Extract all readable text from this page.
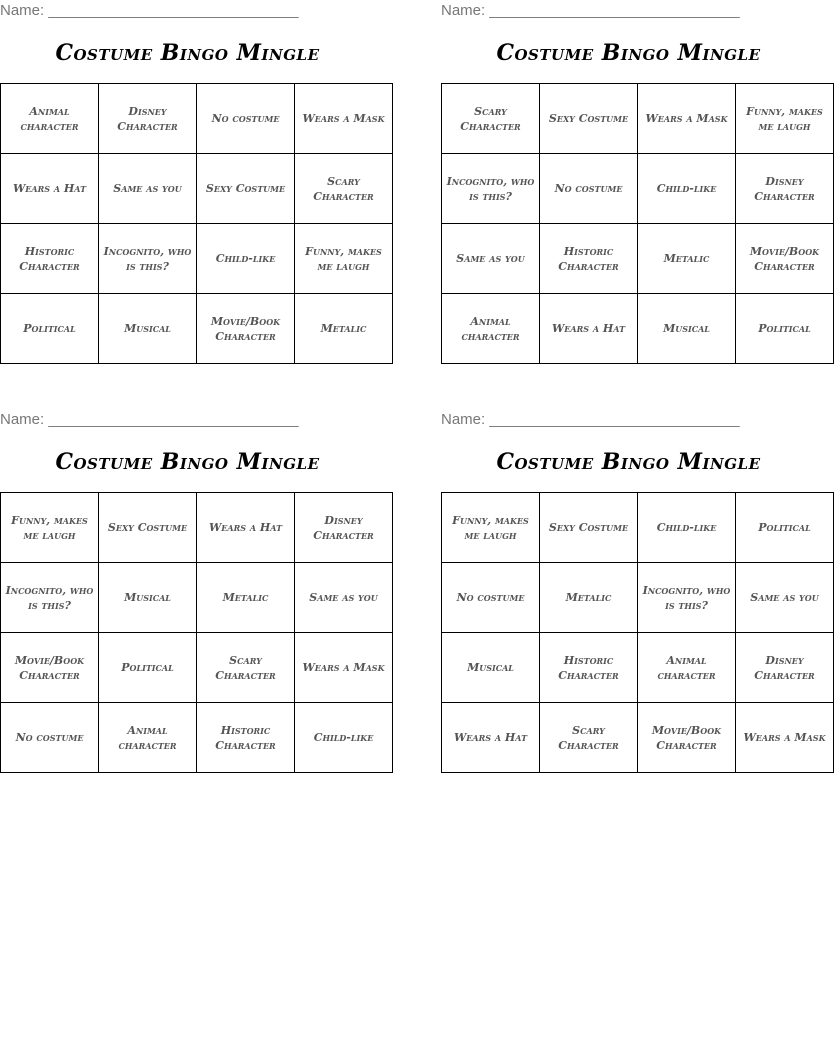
Name: ______________________________
Costume Bingo Mingle
Animal character	Disney Character	No costume	Wears a Mask
Wears a Hat	Same as you	Sexy Costume	Scary Character
Historic Character	Incognito, who is this?	Child-like	Funny, makes me laugh
Political	Musical	Movie/Book Character	Metalic
Name: ______________________________
Costume Bingo Mingle
Scary Character	Sexy Costume	Wears a Mask	Funny, makes me laugh
Incognito, who is this?	No costume	Child-like	Disney Character
Same as you	Historic Character	Metalic	Movie/Book Character
Animal character	Wears a Hat	Musical	Political
Name: ______________________________
Costume Bingo Mingle
Funny, makes me laugh	Sexy Costume	Wears a Hat	Disney Character
Incognito, who is this?	Musical	Metalic	Same as you
Movie/Book Character	Political	Scary Character	Wears a Mask
No costume	Animal character	Historic Character	Child-like
Name: ______________________________
Costume Bingo Mingle
Funny, makes me laugh	Sexy Costume	Child-like	Political
No costume	Metalic	Incognito, who is this?	Same as you
Musical	Historic Character	Animal character	Disney Character
Wears a Hat	Scary Character	Movie/Book Character	Wears a Mask
